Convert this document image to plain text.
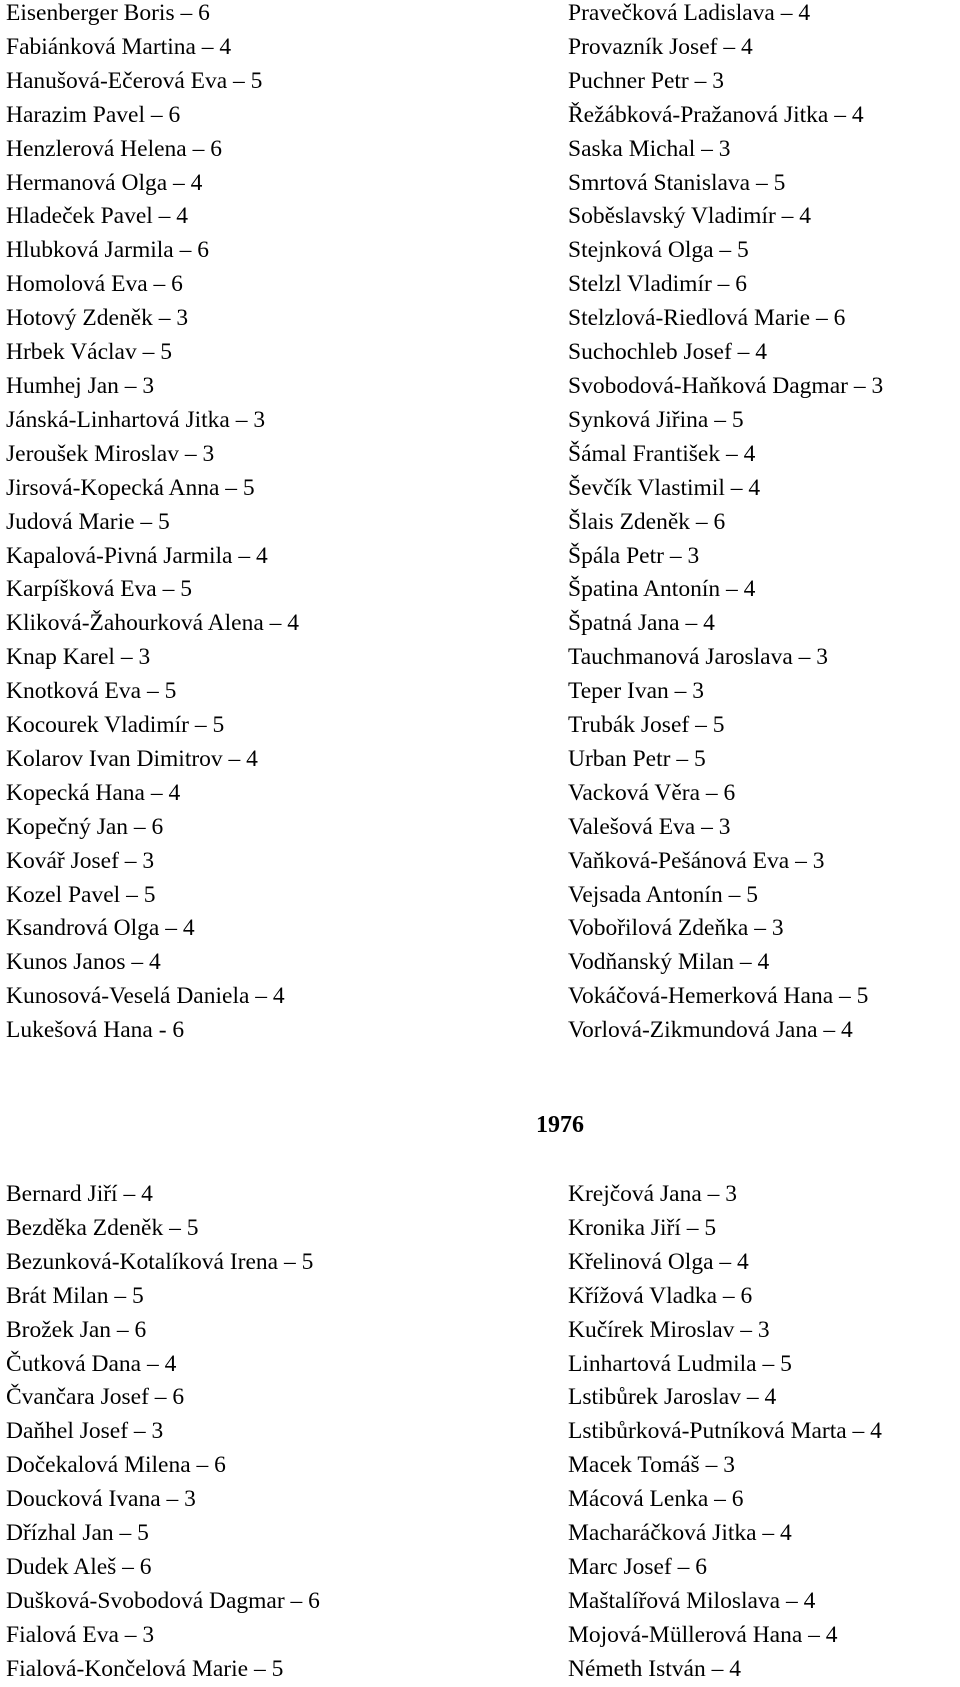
Eisenberger Boris – 6
Fabiánková Martina – 4
Hanušová-Ečerová Eva – 5
Harazim Pavel – 6
Henzlerová Helena – 6
Hermanová Olga – 4
Hladeček Pavel – 4
Hlubková Jarmila – 6
Homolová Eva – 6
Hotový Zdeněk – 3
Hrbek Václav – 5
Humhej Jan – 3
Jánská-Linhartová Jitka – 3
Jeroušek Miroslav – 3
Jirsová-Kopecká Anna – 5
Judová Marie – 5
Kapalová-Pivná Jarmila – 4
Karpíšková Eva – 5
Kliková-Žahourková Alena – 4
Knap Karel – 3
Knotková Eva – 5
Kocourek Vladimír – 5
Kolarov Ivan Dimitrov – 4
Kopecká Hana – 4
Kopečný Jan – 6
Kovář Josef – 3
Kozel Pavel – 5
Ksandrová Olga – 4
Kunos Janos – 4
Kunosová-Veselá Daniela – 4
Lukešová Hana - 6
Pravečková Ladislava – 4
Provazník Josef – 4
Puchner Petr – 3
Řežábková-Pražanová Jitka – 4
Saska Michal – 3
Smrtová Stanislava – 5
Soběslavský Vladimír – 4
Stejnková Olga – 5
Stelzl Vladimír – 6
Stelzlová-Riedlová Marie – 6
Suchochleb Josef – 4
Svobodová-Haňková Dagmar – 3
Synková Jiřina – 5
Šámal František – 4
Ševčík Vlastimil – 4
Šlais Zdeněk – 6
Špála Petr – 3
Špatina Antonín – 4
Špatná Jana – 4
Tauchmanová Jaroslava – 3
Teper Ivan – 3
Trubák Josef – 5
Urban Petr – 5
Vacková Věra – 6
Valešová Eva – 3
Vaňková-Pešánová Eva – 3
Vejsada Antonín – 5
Vobořilová Zdeňka – 3
Vodňanský Milan – 4
Vokáčová-Hemerková Hana – 5
Vorlová-Zikmundová Jana – 4
1976
Bernard Jiří – 4
Bezděka Zdeněk – 5
Bezunková-Kotalíková Irena – 5
Brát Milan – 5
Brožek Jan – 6
Čutková Dana – 4
Čvančara Josef – 6
Daňhel Josef – 3
Dočekalová Milena – 6
Doucková Ivana – 3
Dřízhal Jan – 5
Dudek Aleš – 6
Dušková-Svobodová Dagmar – 6
Fialová Eva – 3
Fialová-Končelová Marie – 5
Krejčová Jana – 3
Kronika Jiří – 5
Křelinová Olga – 4
Křížová Vladka – 6
Kučírek Miroslav – 3
Linhartová Ludmila – 5
Lstibůrek Jaroslav – 4
Lstibůrková-Putníková Marta – 4
Macek Tomáš – 3
Mácová Lenka – 6
Macharáčková Jitka – 4
Marc Josef – 6
Maštalířová Miloslava – 4
Mojová-Müllerová Hana – 4
Németh István – 4
